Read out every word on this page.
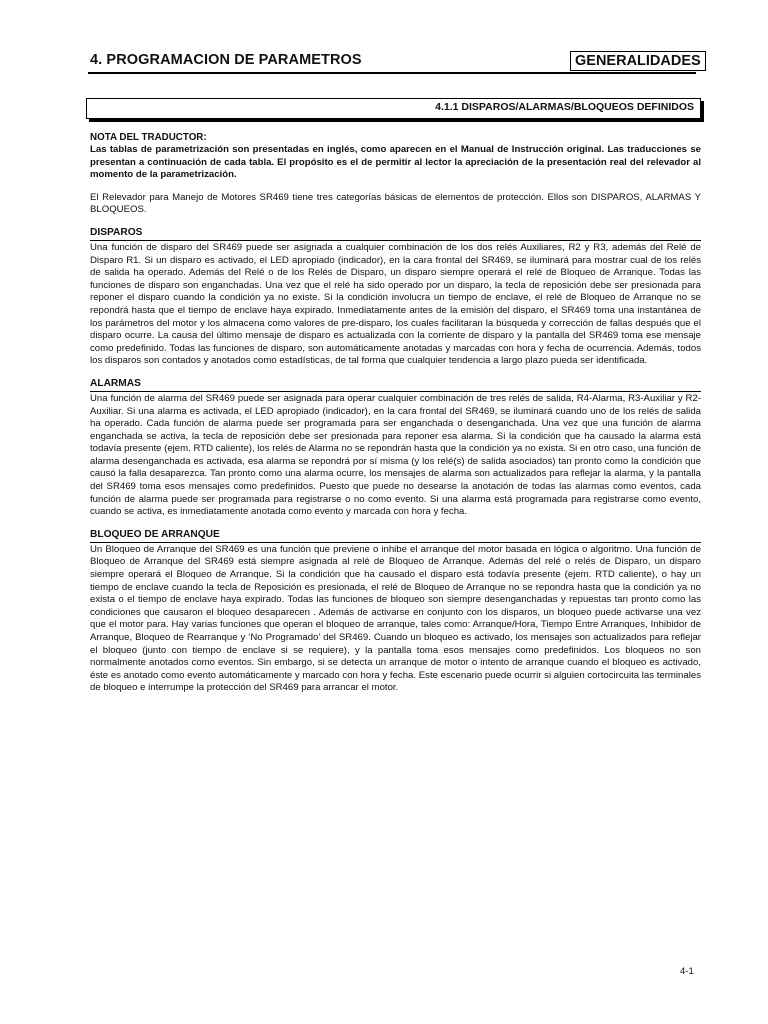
4. PROGRAMACION DE PARAMETROS	GENERALIDADES
4.1.1 DISPAROS/ALARMAS/BLOQUEOS DEFINIDOS
NOTA DEL TRADUCTOR:

Las tablas de parametrización son presentadas en inglés, como aparecen en el Manual de Instrucción original. Las traducciones se presentan a continuación de cada tabla. El propósito es el de permitir al lector la apreciación de la presentación real del relevador al momento de la parametrización.

El Relevador para Manejo de Motores SR469 tiene tres categorías básicas de elementos de protección. Ellos son DISPAROS, ALARMAS Y BLOQUEOS.

DISPAROS

Una función de disparo del SR469 puede ser asignada a cualquier combinación de los dos relés Auxiliares, R2 y R3, además del Relé de Disparo R1. Si un disparo es activado, el LED apropiado (indicador), en la cara frontal del SR469, se iluminará para mostrar cual de los relés de salida ha operado. Además del Relé o de los Relés de Disparo, un disparo siempre operará el relé de Bloqueo de Arranque. Todas las funciones de disparo son enganchadas. Una vez que el relé ha sido operado por un disparo, la tecla de reposición debe ser presionada para reponer el disparo cuando la condición ya no existe. Si la condición involucra un tiempo de enclave, el relé de Bloqueo de Arranque no se repondrá hasta que el tiempo de enclave haya expirado. Inmediatamente antes de la emisión del disparo, el SR469 toma una instantánea de los parámetros del motor y los almacena como valores de pre-disparo, los cuales facilitaran la búsqueda y corrección de fallas después que el disparo ocurre. La causa del último mensaje de disparo es actualizada con la corriente de disparo y la pantalla del SR469 toma ese mensaje como predefinido. Todas las funciones de disparo, son automáticamente anotadas y marcadas con hora y fecha de ocurrencia. Además, todos los disparos son contados y anotados como estadísticas, de tal forma que cualquier tendencia a largo plazo pueda ser identificada.

ALARMAS

Una función de alarma del SR469 puede ser asignada para operar cualquier combinación de tres relés de salida, R4-Alarma, R3-Auxiliar y R2-Auxiliar. Si una alarma es activada, el LED apropiado (indicador), en la cara frontal del SR469, se iluminará cuando uno de los relés de salida ha operado. Cada función de alarma puede ser programada para ser enganchada o desenganchada. Una vez que una función de alarma enganchada se activa, la tecla de reposición debe ser presionada para reponer esa alarma. Si la condición que ha causado la alarma está todavía presente (ejem. RTD caliente), los relés de Alarma no se repondrán hasta que la condición ya no exista. Si en otro caso, una función de alarma desenganchada es activada, esa alarma se repondrá por sí misma (y los relé(s) de salida asociados) tan pronto como la condición que causó la falla desaparezca. Tan pronto como una alarma ocurre, los mensajes de alarma son actualizados para reflejar la alarma, y la pantalla del SR469 toma esos mensajes como predefinidos. Puesto que puede no desearse la anotación de todas las alarmas como eventos, cada función de alarma puede ser programada para registrarse o no como evento. Si una alarma está programada para registrarse como evento, cuando se activa, es inmediatamente anotada como evento y marcada con hora y fecha.

BLOQUEO DE ARRANQUE

Un Bloqueo de Arranque del SR469 es una función que previene o inhibe el arranque del motor basada en lógica o algoritmo. Una función de Bloqueo de Arranque del SR469 está siempre asignada al relé de Bloqueo de Arranque. Además del relé o relés de Disparo, un disparo siempre operará el Bloqueo de Arranque. Si la condición que ha causado el disparo está todavía presente (ejem. RTD caliente), o hay un tiempo de enclave cuando la tecla de Reposición es presionada, el relé de Bloqueo de Arranque no se repondra hasta que la condición ya no exista o el tiempo de enclave haya expirado. Todas las funciones de bloqueo son siempre desenganchadas y repuestas tan pronto como las condiciones que causaron el bloqueo desaparecen . Además de activarse en conjunto con los disparos, un bloqueo puede activarse una vez que el motor para. Hay varias funciones que operan el bloqueo de arranque, tales como: Arranque/Hora, Tiempo Entre Arranques, Inhibidor de Arranque, Bloqueo de Rearranque y ‘No Programado’ del SR469. Cuando un bloqueo es activado, los mensajes son actualizados para reflejar el bloqueo (junto con tiempo de enclave si se requiere), y la pantalla toma esos mensajes como predefinidos. Los bloqueos no son normalmente anotados como eventos. Sin embargo, si se detecta un arranque de motor o intento de arranque cuando el bloqueo es activado, éste es anotado como evento automáticamente y marcado con hora y fecha. Este escenario puede ocurrir si alguien cortocircuita las terminales de bloqueo e interrumpe la protección del SR469 para arrancar el motor.

4-1
